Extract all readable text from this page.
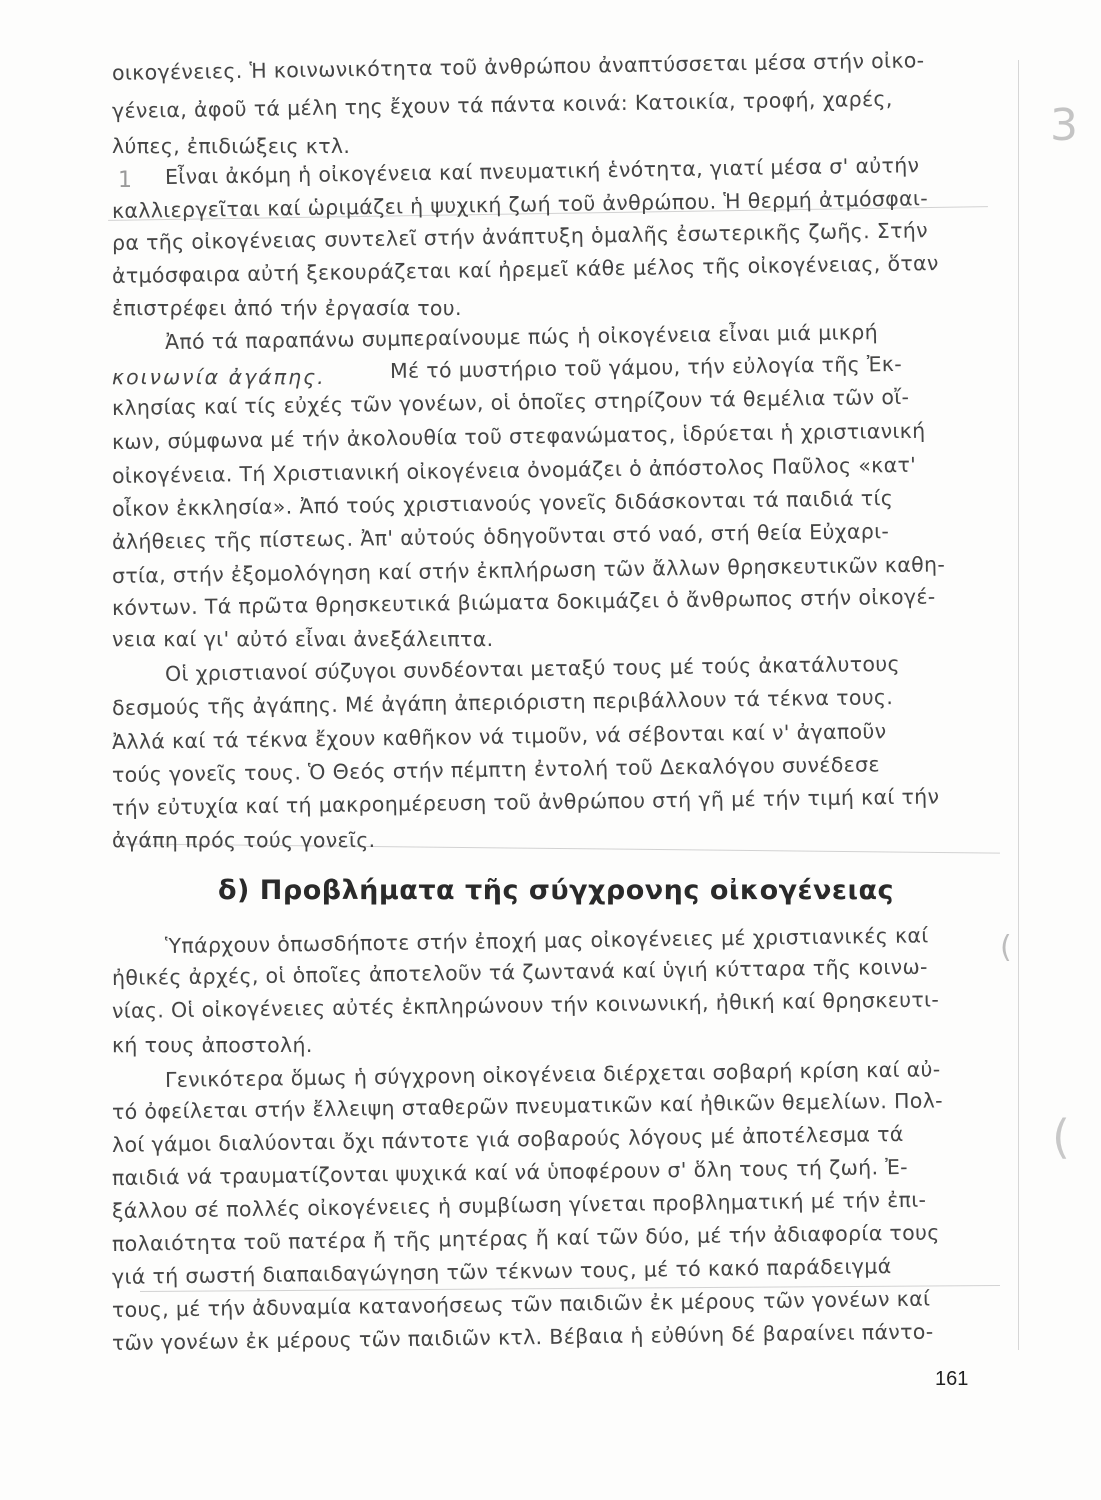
3
1
(
(
οικογένειες. Ἡ κοινωνικότητα τοῦ ἀνθρώπου ἀναπτύσσεται μέσα στήν οἰκο-
γένεια, ἀφοῦ τά μέλη της ἔχουν τά πάντα κοινά: Κατοικία, τροφή, χαρές,
λύπες, ἐπιδιώξεις κτλ.
Εἶναι ἀκόμη ἡ οἰκογένεια καί πνευματική ἑνότητα, γιατί μέσα σ' αὐτήν
καλλιεργεῖται καί ὡριμάζει ἡ ψυχική ζωή τοῦ ἀνθρώπου. Ἡ θερμή ἀτμόσφαι-
ρα τῆς οἰκογένειας συντελεῖ στήν ἀνάπτυξη ὁμαλῆς ἐσωτερικῆς ζωῆς. Στήν
ἀτμόσφαιρα αὐτή ξεκουράζεται καί ἠρεμεῖ κάθε μέλος τῆς οἰκογένειας, ὅταν
ἐπιστρέφει ἀπό τήν ἐργασία του.
Ἀπό τά παραπάνω συμπεραίνουμε πώς ἡ οἰκογένεια εἶναι μιά μικρή
κοινωνία ἀγάπης.	Μέ τό μυστήριο τοῦ γάμου, τήν εὐλογία τῆς Ἐκ-
κλησίας καί τίς εὐχές τῶν γονέων, οἱ ὁποῖες στηρίζουν τά θεμέλια τῶν οἴ-
κων, σύμφωνα μέ τήν ἀκολουθία τοῦ στεφανώματος, ἱδρύεται ἡ χριστιανική
οἰκογένεια. Τή Χριστιανική οἰκογένεια ὀνομάζει ὁ ἀπόστολος Παῦλος «κατ'
οἶκον ἐκκλησία». Ἀπό τούς χριστιανούς γονεῖς διδάσκονται τά παιδιά τίς
ἀλήθειες τῆς πίστεως. Ἀπ' αὐτούς ὁδηγοῦνται στό ναό, στή θεία Εὐχαρι-
στία, στήν ἐξομολόγηση καί στήν ἐκπλήρωση τῶν ἄλλων θρησκευτικῶν καθη-
κόντων. Τά πρῶτα θρησκευτικά βιώματα δοκιμάζει ὁ ἄνθρωπος στήν οἰκογέ-
νεια καί γι' αὐτό εἶναι ἀνεξάλειπτα.
Οἱ χριστιανοί σύζυγοι συνδέονται μεταξύ τους μέ τούς ἀκατάλυτους
δεσμούς τῆς ἀγάπης. Μέ ἀγάπη ἀπεριόριστη περιβάλλουν τά τέκνα τους.
Ἀλλά καί τά τέκνα ἔχουν καθῆκον νά τιμοῦν, νά σέβονται καί ν' ἀγαποῦν
τούς γονεῖς τους. Ὁ Θεός στήν πέμπτη ἐντολή τοῦ Δεκαλόγου συνέδεσε
τήν εὐτυχία καί τή μακροημέρευση τοῦ ἀνθρώπου στή γῆ μέ τήν τιμή καί τήν
ἀγάπη πρός τούς γονεῖς.
δ) Προβλήματα τῆς σύγχρονης οἰκογένειας
Ὑπάρχουν ὁπωσδήποτε στήν ἐποχή μας οἰκογένειες μέ χριστιανικές καί
ἠθικές ἀρχές, οἱ ὁποῖες ἀποτελοῦν τά ζωντανά καί ὑγιή κύτταρα τῆς κοινω-
νίας. Οἱ οἰκογένειες αὐτές ἐκπληρώνουν τήν κοινωνική, ἠθική καί θρησκευτι-
κή τους ἀποστολή.
Γενικότερα ὅμως ἡ σύγχρονη οἰκογένεια διέρχεται σοβαρή κρίση καί αὐ-
τό ὀφείλεται στήν ἔλλειψη σταθερῶν πνευματικῶν καί ἠθικῶν θεμελίων. Πολ-
λοί γάμοι διαλύονται ὄχι πάντοτε γιά σοβαρούς λόγους μέ ἀποτέλεσμα τά
παιδιά νά τραυματίζονται ψυχικά καί νά ὑποφέρουν σ' ὅλη τους τή ζωή. Ἐ-
ξάλλου σέ πολλές οἰκογένειες ἡ συμβίωση γίνεται προβληματική μέ τήν ἐπι-
πολαιότητα τοῦ πατέρα ἤ τῆς μητέρας ἤ καί τῶν δύο, μέ τήν ἀδιαφορία τους
γιά τή σωστή διαπαιδαγώγηση τῶν τέκνων τους, μέ τό κακό παράδειγμά
τους, μέ τήν ἀδυναμία κατανοήσεως τῶν παιδιῶν ἐκ μέρους τῶν γονέων καί
τῶν γονέων ἐκ μέρους τῶν παιδιῶν κτλ. Βέβαια ἡ εὐθύνη δέ βαραίνει πάντο-
161
